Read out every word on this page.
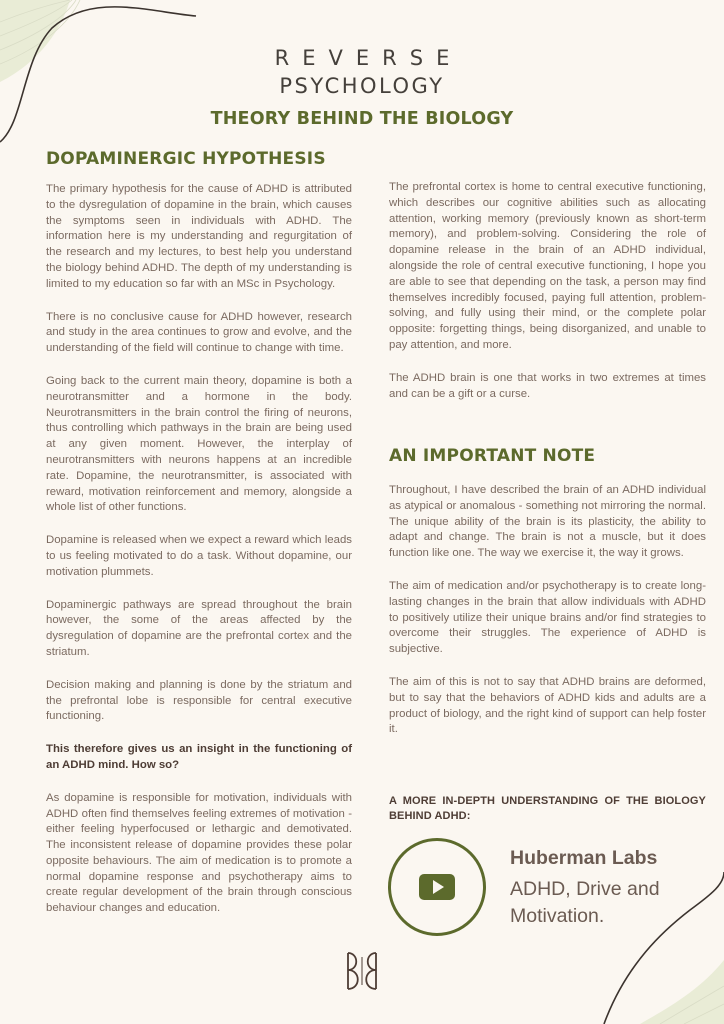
REVERSE
PSYCHOLOGY
THEORY BEHIND THE BIOLOGY
DOPAMINERGIC HYPOTHESIS

The primary hypothesis for the cause of ADHD is attributed to the dysregulation of dopamine in the brain, which causes the symptoms seen in individuals with ADHD. The information here is my understanding and regurgitation of the research and my lectures, to best help you understand the biology behind ADHD. The depth of my understanding is limited to my education so far with an MSc in Psychology.

There is no conclusive cause for ADHD however, research and study in the area continues to grow and evolve, and the understanding of the field will continue to change with time.

Going back to the current main theory, dopamine is both a neurotransmitter and a hormone in the body. Neurotransmitters in the brain control the firing of neurons, thus controlling which pathways in the brain are being used at any given moment. However, the interplay of neurotransmitters with neurons happens at an incredible rate. Dopamine, the neurotransmitter, is associated with reward, motivation reinforcement and memory, alongside a whole list of other functions.

Dopamine is released when we expect a reward which leads to us feeling motivated to do a task. Without dopamine, our motivation plummets.

Dopaminergic pathways are spread throughout the brain however, the some of the areas affected by the dysregulation of dopamine are the prefrontal cortex and the striatum.

Decision making and planning is done by the striatum and the prefrontal lobe is responsible for central executive functioning.

This therefore gives us an insight in the functioning of an ADHD mind. How so?

As dopamine is responsible for motivation, individuals with ADHD often find themselves feeling extremes of motivation - either feeling hyperfocused or lethargic and demotivated. The inconsistent release of dopamine provides these polar opposite behaviours. The aim of medication is to promote a normal dopamine response and psychotherapy aims to create regular development of the brain through conscious behaviour changes and education.

The prefrontal cortex is home to central executive functioning, which describes our cognitive abilities such as allocating attention, working memory (previously known as short-term memory), and problem-solving. Considering the role of dopamine release in the brain of an ADHD individual, alongside the role of central executive functioning, I hope you are able to see that depending on the task, a person may find themselves incredibly focused, paying full attention, problem-solving, and fully using their mind, or the complete polar opposite: forgetting things, being disorganized, and unable to pay attention, and more.

The ADHD brain is one that works in two extremes at times and can be a gift or a curse.

AN IMPORTANT NOTE

Throughout, I have described the brain of an ADHD individual as atypical or anomalous - something not mirroring the normal. The unique ability of the brain is its plasticity, the ability to adapt and change. The brain is not a muscle, but it does function like one. The way we exercise it, the way it grows.

The aim of medication and/or psychotherapy is to create long-lasting changes in the brain that allow individuals with ADHD to positively utilize their unique brains and/or find strategies to overcome their struggles. The experience of ADHD is subjective.

The aim of this is not to say that ADHD brains are deformed, but to say that the behaviors of ADHD kids and adults are a product of biology, and the right kind of support can help foster it.

A MORE IN-DEPTH UNDERSTANDING OF THE BIOLOGY BEHIND ADHD:

Huberman Labs
ADHD, Drive and Motivation.
